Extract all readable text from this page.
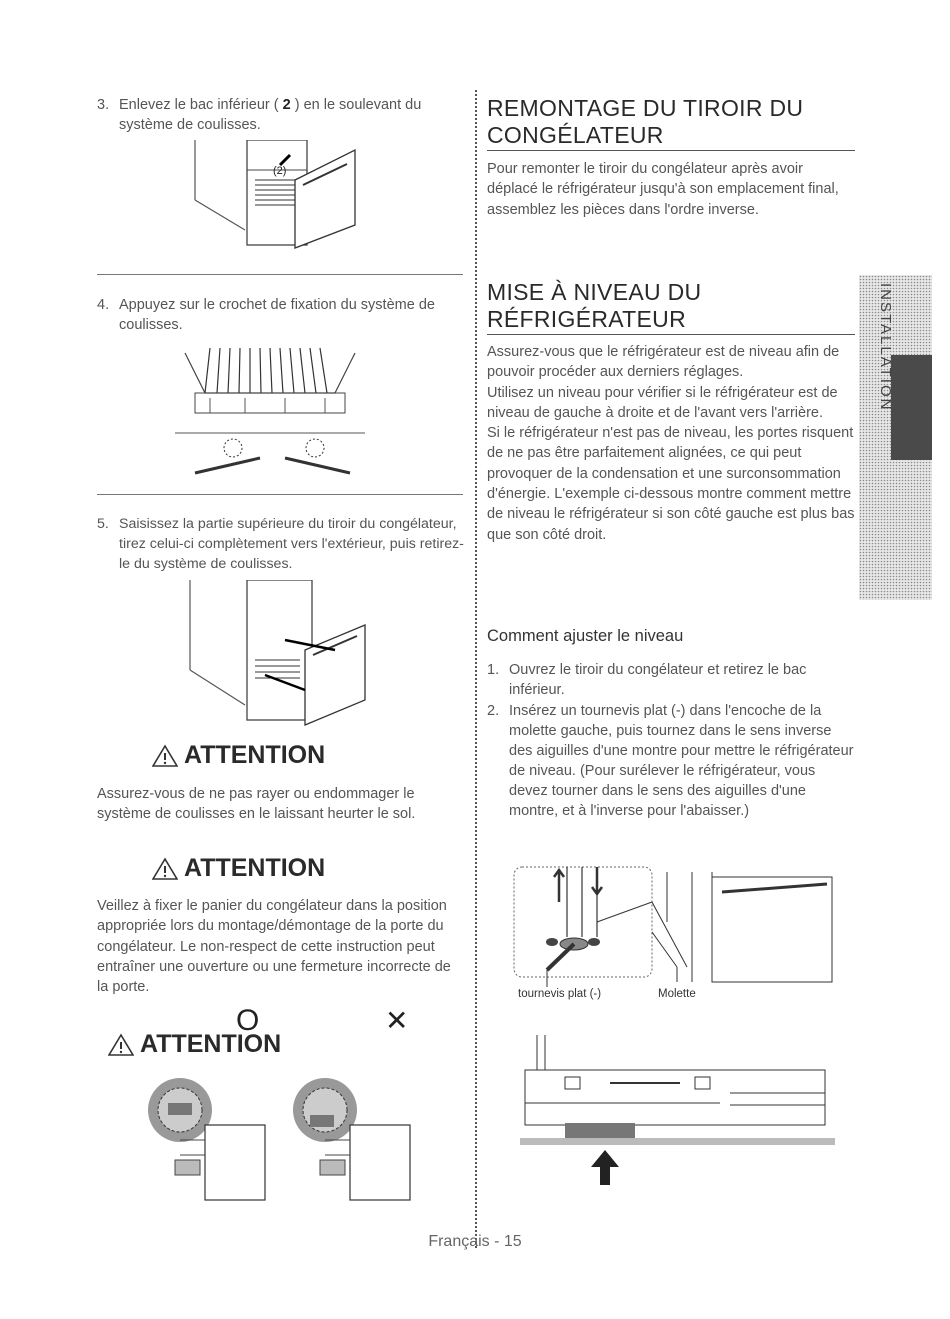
3. Enlevez le bac inférieur ( 2 ) en le soulevant du système de coulisses.
(2)
4. Appuyez sur le crochet de fixation du système de coulisses.
5. Saisissez la partie supérieure du tiroir du congélateur, tirez celui-ci complètement vers l'extérieur, puis retirez-le du système de coulisses.
ATTENTION
Assurez-vous de ne pas rayer ou endommager le système de coulisses en le laissant heurter le sol.
ATTENTION
Veillez à fixer le panier du congélateur dans la position appropriée lors du montage/démontage de la porte du congélateur. Le non-respect de cette instruction peut entraîner une ouverture ou une fermeture incorrecte de la porte.
ATTENTION
O	✕
REMONTAGE DU TIROIR DU
CONGÉLATEUR
Pour remonter le tiroir du congélateur après avoir déplacé le réfrigérateur jusqu'à son emplacement final, assemblez les pièces dans l'ordre inverse.
MISE À NIVEAU DU
RÉFRIGÉRATEUR
Assurez-vous que le réfrigérateur est de niveau afin de pouvoir procéder aux derniers réglages.
Utilisez un niveau pour vérifier si le réfrigérateur est de niveau de gauche à droite et de l'avant vers l'arrière.
Si le réfrigérateur n'est pas de niveau, les portes risquent de ne pas être parfaitement alignées, ce qui peut provoquer de la condensation et une surconsommation d'énergie. L'exemple ci-dessous montre comment mettre de niveau le réfrigérateur si son côté gauche est plus bas que son côté droit.
Comment ajuster le niveau
1. Ouvrez le tiroir du congélateur et retirez le bac inférieur.
2. Insérez un tournevis plat (-) dans l'encoche de la molette gauche, puis tournez dans le sens inverse des aiguilles d'une montre pour mettre le réfrigérateur de niveau. (Pour surélever le réfrigérateur, vous devez tourner dans le sens des aiguilles d'une montre, et à l'inverse pour l'abaisser.)
tournevis plat (-)	Molette
INSTALLATION
Français - 15
